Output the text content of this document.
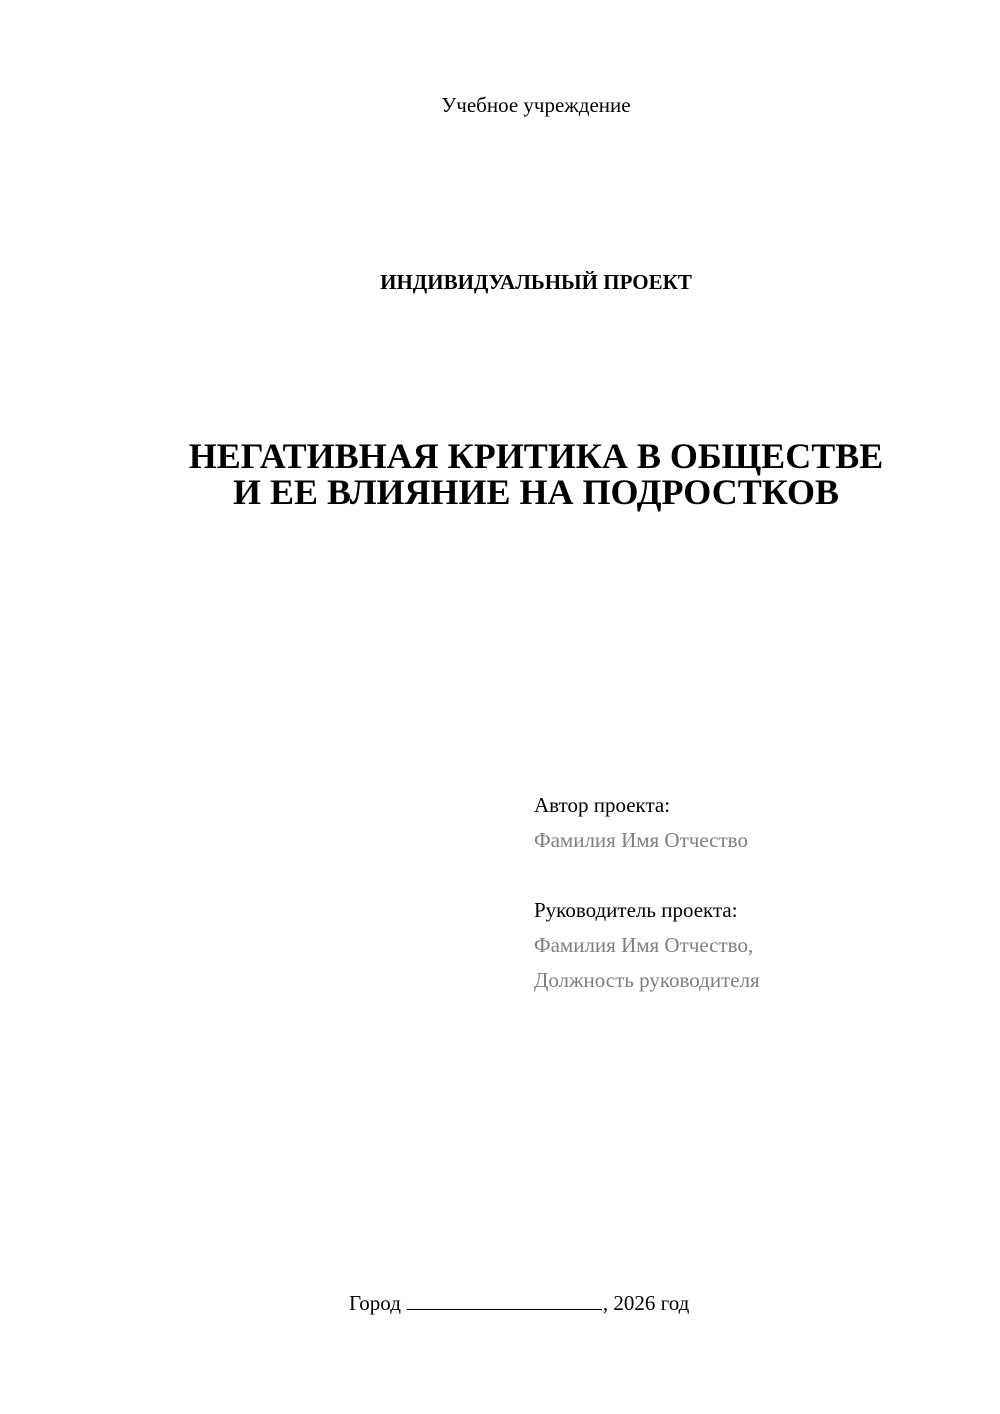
Учебное учреждение
ИНДИВИДУАЛЬНЫЙ ПРОЕКТ
НЕГАТИВНАЯ КРИТИКА В ОБЩЕСТВЕ
И ЕЕ ВЛИЯНИЕ НА ПОДРОСТКОВ
Автор проекта:
Фамилия Имя Отчество
Руководитель проекта:
Фамилия Имя Отчество,
Должность руководителя
Город	, 2026 год
